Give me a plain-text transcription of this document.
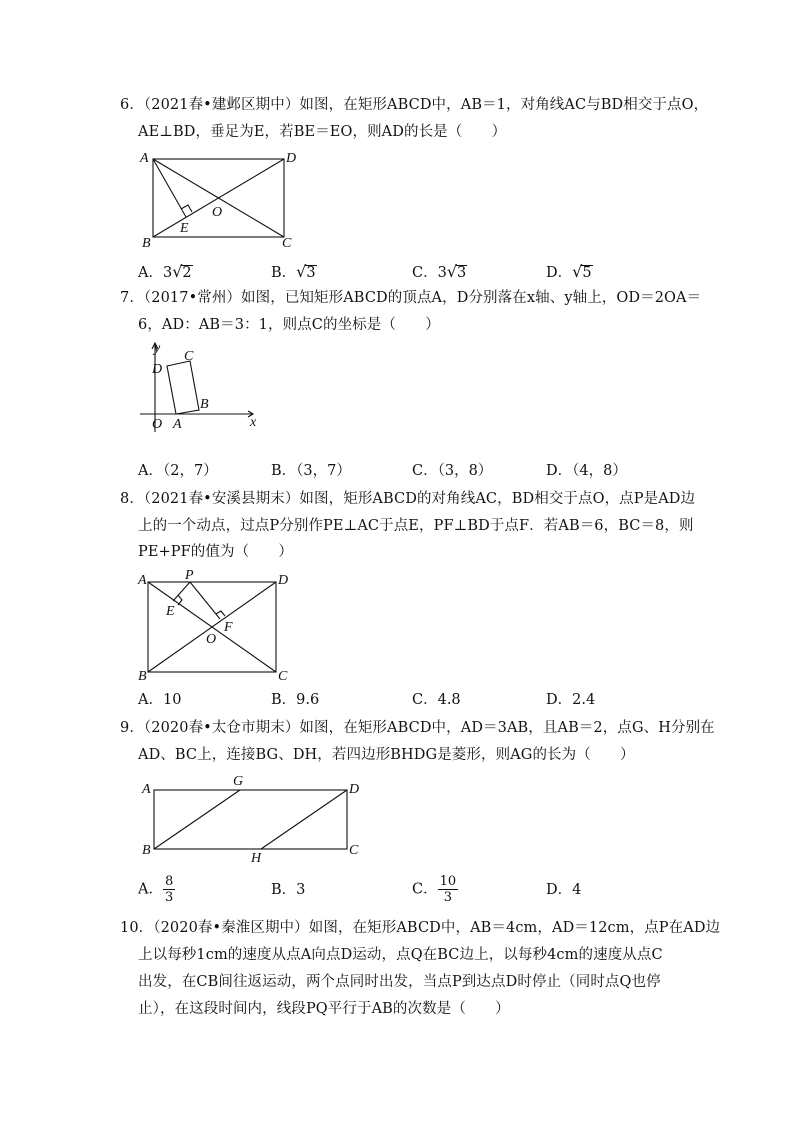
6．（2021春•建邺区期中）如图，在矩形ABCD中，AB＝1，对角线AC与BD相交于点O，
AE⊥BD，垂足为E，若BE＝EO，则AD的长是（　　）
A	D
B	C
E
O
A．3√2	B．√3	C．3√3	D．√5
7．（2017•常州）如图，已知矩形ABCD的顶点A，D分别落在x轴、y轴上，OD＝2OA＝
6，AD：AB＝3：1，则点C的坐标是（　　）
y
C
D
B
O A	x
A．（2，7）	B．（3，7）	C．（3，8）	D．（4，8）
8．（2021春•安溪县期末）如图，矩形ABCD的对角线AC，BD相交于点O，点P是AD边
上的一个动点，过点P分别作PE⊥AC于点E，PF⊥BD于点F．若AB＝6，BC＝8，则
PE+PF的值为（　　）
A	P	D
E
F
O
B	C
A．10	B．9.6	C．4.8	D．2.4
9．（2020春•太仓市期末）如图，在矩形ABCD中，AD＝3AB，且AB＝2，点G、H分别在
AD、BC上，连接BG、DH，若四边形BHDG是菱形，则AG的长为（　　）
A
G
D
B
H
C
A． $\frac{8}{3}$	B．3	C． $\frac{10}{3}$	D．4
10．（2020春•秦淮区期中）如图，在矩形ABCD中，AB＝4cm，AD＝12cm，点P在AD边
上以每秒1cm的速度从点A向点D运动，点Q在BC边上，以每秒4cm的速度从点C
出发，在CB间往返运动，两个点同时出发，当点P到达点D时停止（同时点Q也停
止），在这段时间内，线段PQ平行于AB的次数是（　　）
